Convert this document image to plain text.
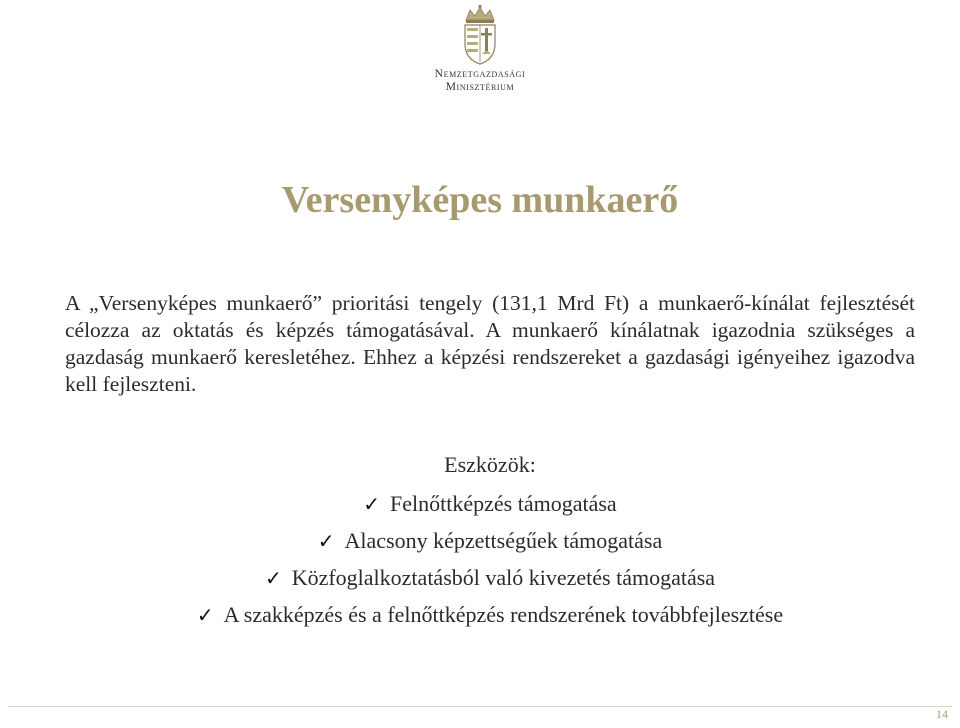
Nemzetgazdasági
Minisztérium
Versenyképes munkaerő
A „Versenyképes munkaerő” prioritási tengely (131,1 Mrd Ft) a munkaerő-kínálat fejlesztését célozza az oktatás és képzés támogatásával. A munkaerő kínálatnak igazodnia szükséges a gazdaság munkaerő keresletéhez. Ehhez a képzési rendszereket a gazdasági igényeihez igazodva kell fejleszteni.
Eszközök:
✓ Felnőttképzés támogatása
✓ Alacsony képzettségűek támogatása
✓ Közfoglalkoztatásból való kivezetés támogatása
✓ A szakképzés és a felnőttképzés rendszerének továbbfejlesztése
14
